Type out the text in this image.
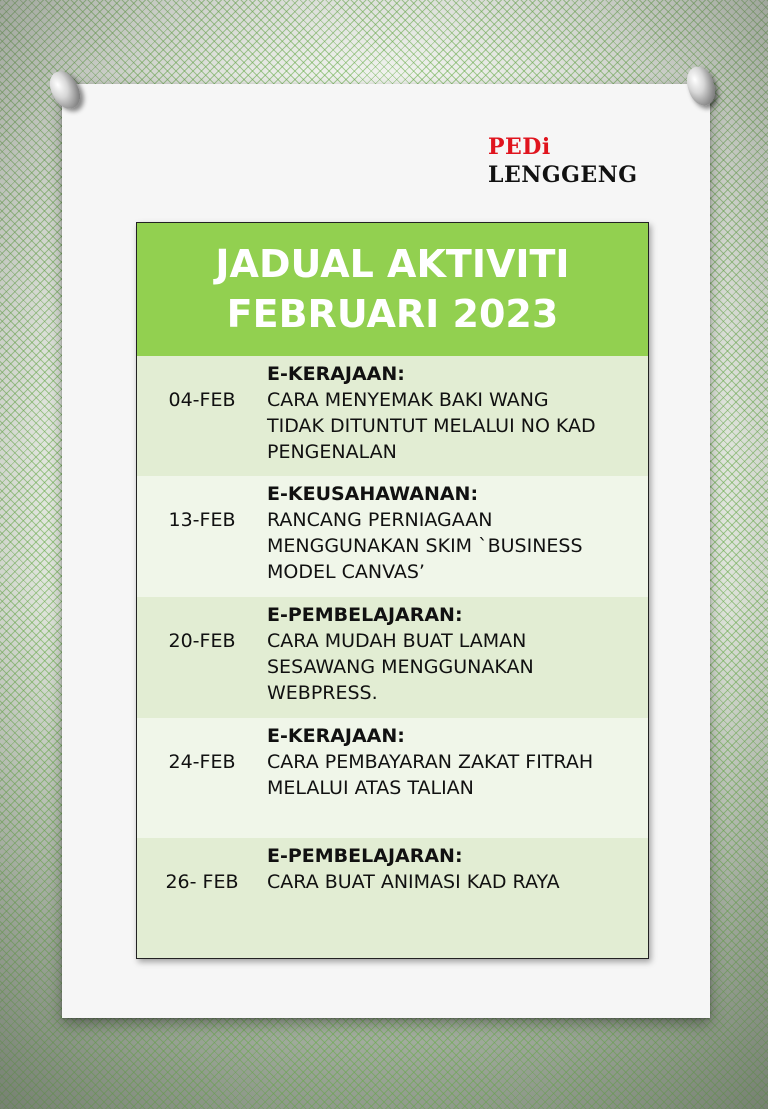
PEDi
LENGGENG
JADUAL AKTIVITI
FEBRUARI 2023
04-FEB
E-KERAJAAN:
CARA MENYEMAK BAKI WANG
TIDAK DITUNTUT MELALUI NO KAD
PENGENALAN
13-FEB
E-KEUSAHAWANAN:
RANCANG PERNIAGAAN
MENGGUNAKAN SKIM `BUSINESS
MODEL CANVAS’
20-FEB
E-PEMBELAJARAN:
CARA MUDAH BUAT LAMAN
SESAWANG MENGGUNAKAN
WEBPRESS.
24-FEB
E-KERAJAAN:
CARA PEMBAYARAN ZAKAT FITRAH
MELALUI ATAS TALIAN
26- FEB
E-PEMBELAJARAN:
CARA BUAT ANIMASI KAD RAYA
